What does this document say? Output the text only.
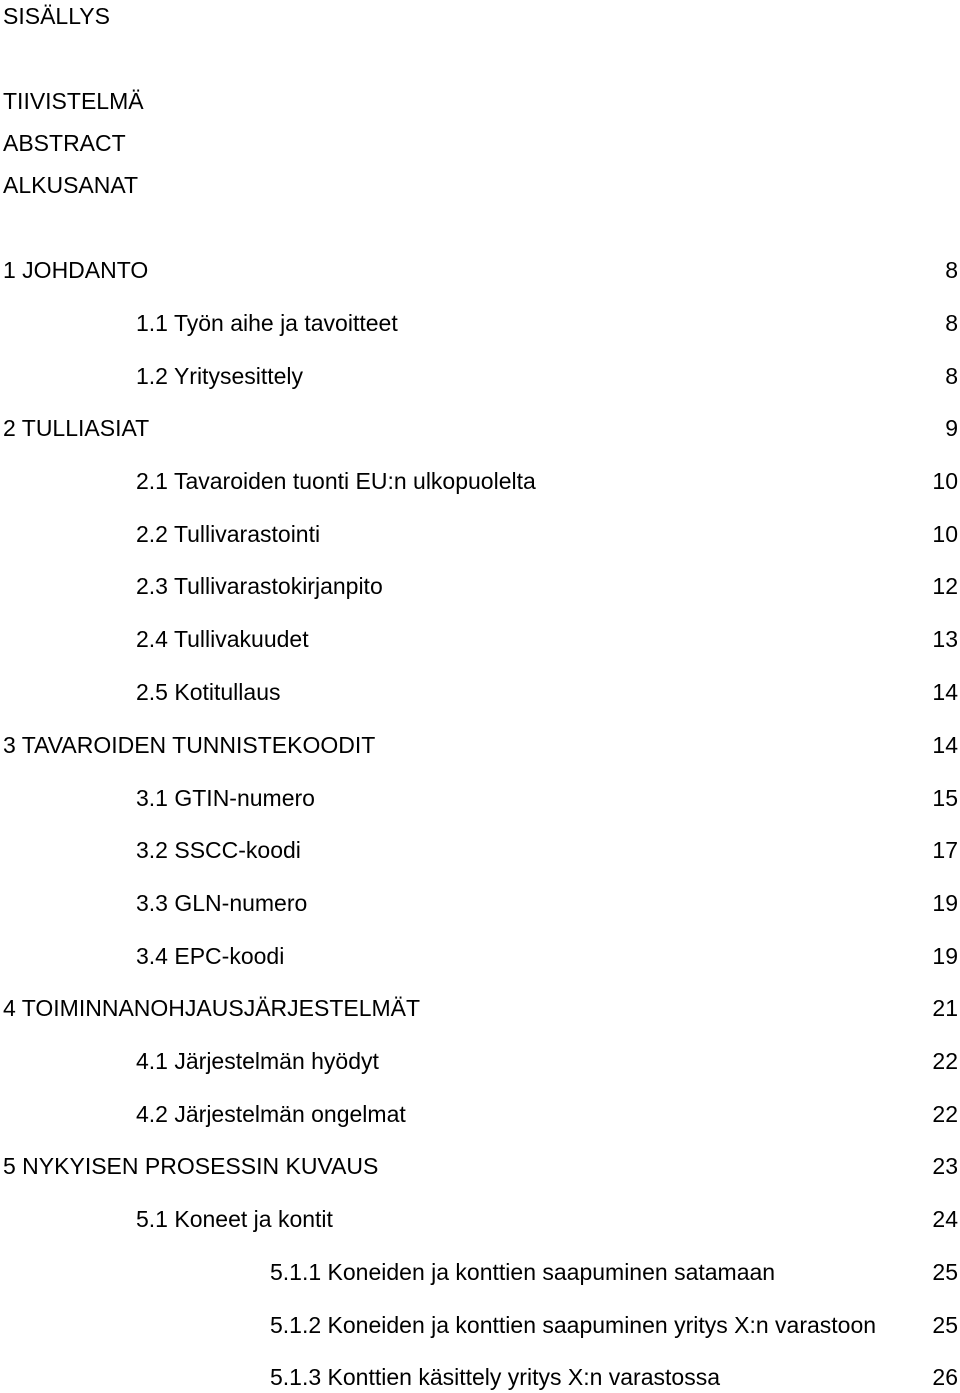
SISÄLLYS
TIIVISTELMÄ
ABSTRACT
ALKUSANAT
1 JOHDANTO	8
1.1 Työn aihe ja tavoitteet	8
1.2 Yritysesittely	8
2 TULLIASIAT	9
2.1 Tavaroiden tuonti EU:n ulkopuolelta	10
2.2 Tullivarastointi	10
2.3 Tullivarastokirjanpito	12
2.4 Tullivakuudet	13
2.5 Kotitullaus	14
3 TAVAROIDEN TUNNISTEKOODIT	14
3.1 GTIN-numero	15
3.2 SSCC-koodi	17
3.3 GLN-numero	19
3.4 EPC-koodi	19
4 TOIMINNANOHJAUSJÄRJESTELMÄT	21
4.1 Järjestelmän hyödyt	22
4.2 Järjestelmän ongelmat	22
5 NYKYISEN PROSESSIN KUVAUS	23
5.1 Koneet ja kontit	24
5.1.1 Koneiden ja konttien saapuminen satamaan	25
5.1.2 Koneiden ja konttien saapuminen yritys X:n varastoon 25
5.1.3 Konttien käsittely yritys X:n varastossa	26
